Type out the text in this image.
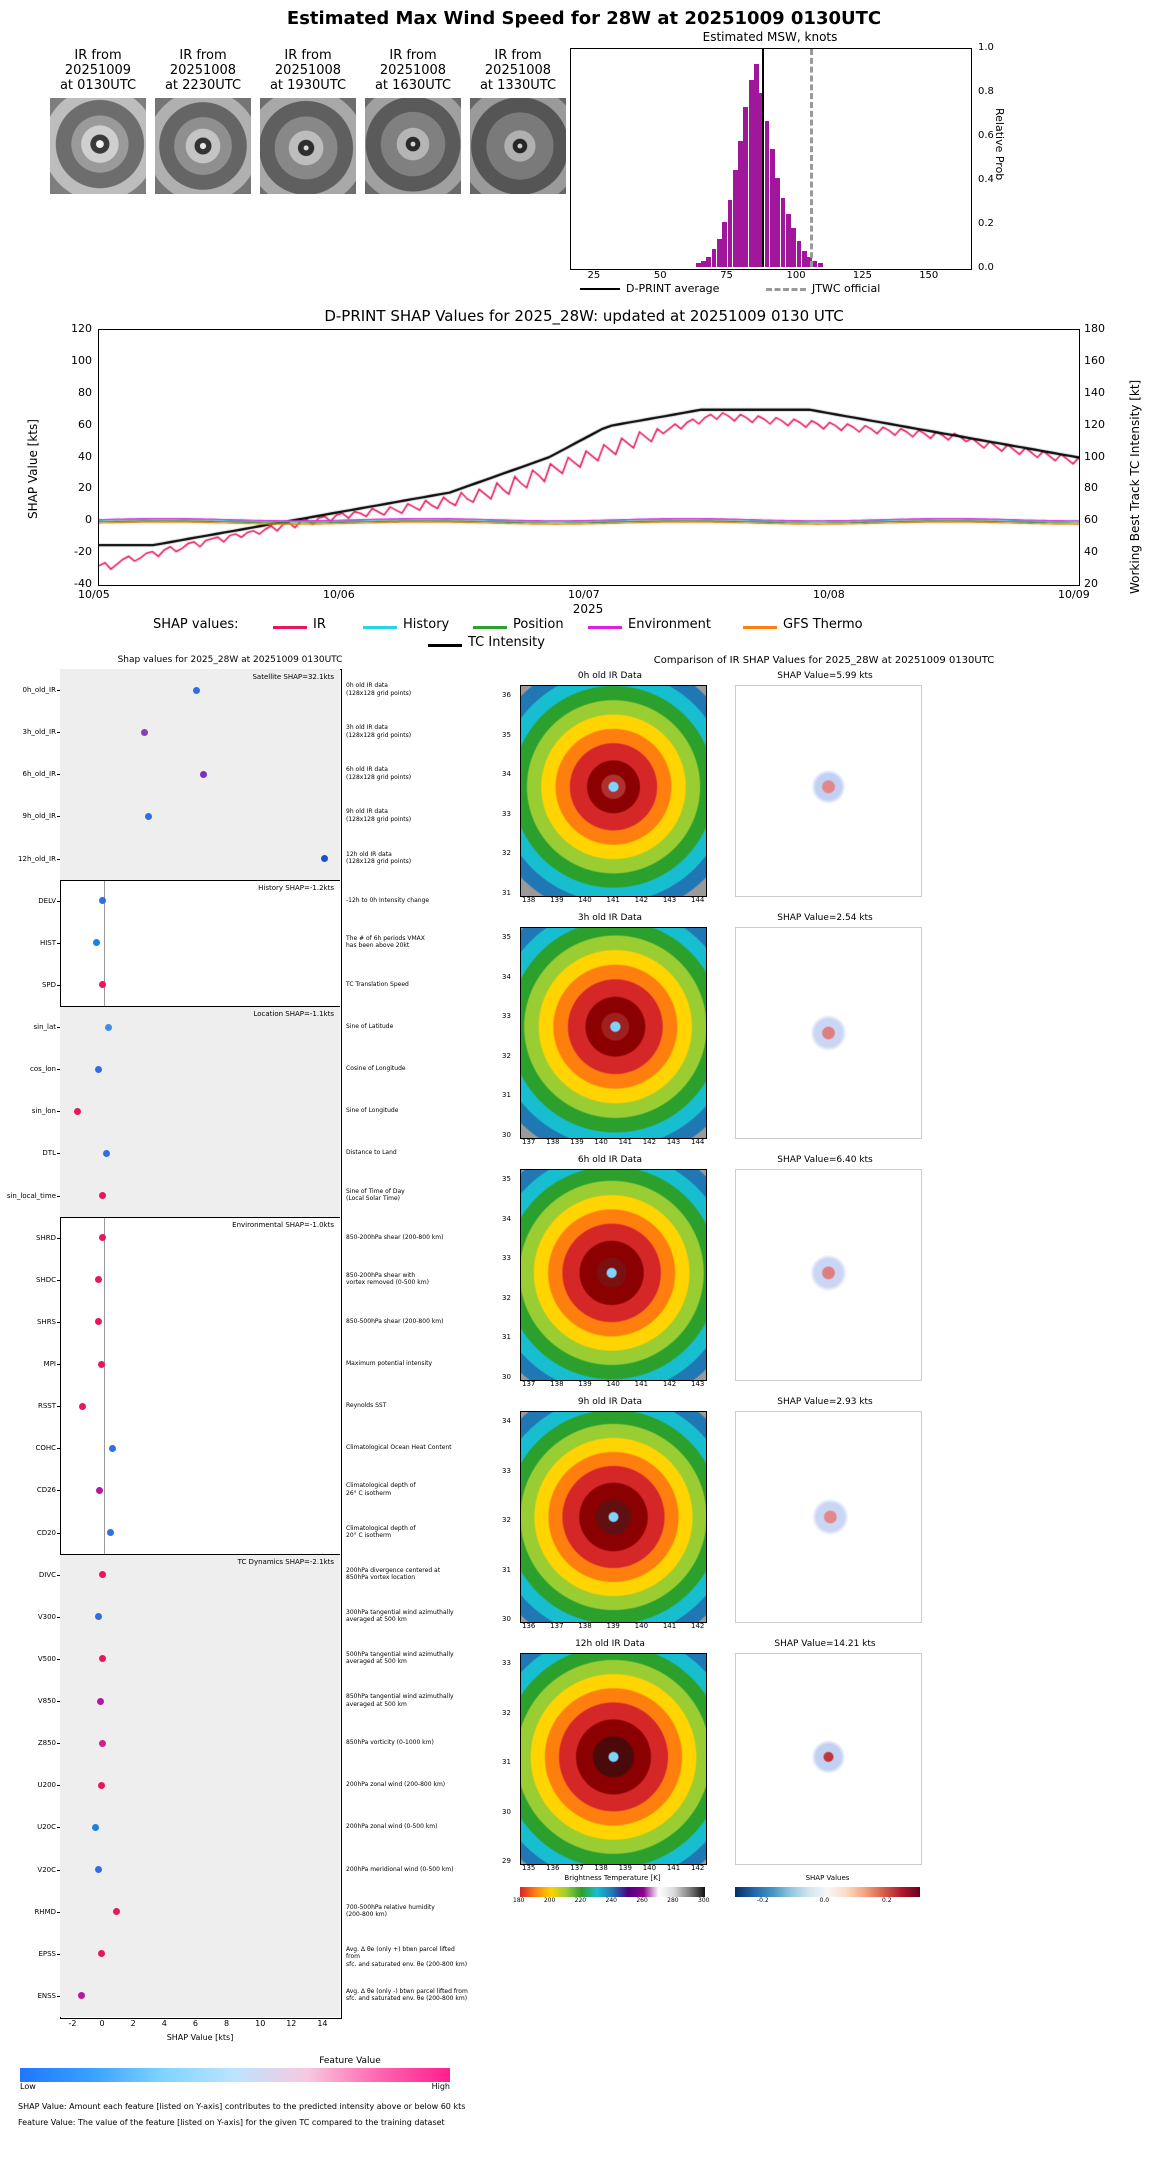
Estimated Max Wind Speed for 28W at 20251009 0130UTC
IR from
20251009
at 0130UTC
IR from
20251008
at 2230UTC
IR from
20251008
at 1930UTC
IR from
20251008
at 1630UTC
IR from
20251008
at 1330UTC
Estimated MSW, knots
25	50	75	100	125	150
0.0
0.2
0.4
0.6
0.8
1.0
Relative Prob
D-PRINT average	JTWC official
D-PRINT SHAP Values for 2025_28W: updated at 20251009 0130 UTC
-40
-20
0
20
40
60
80
100
120
20
40
60
80
100
120
140
160
180
10/05	10/06	10/07	10/08	10/09
SHAP Value [kts]	Working Best Track TC Intensity [kt]
2025
SHAP values:	IR	History	Position	Environment	GFS Thermo
TC Intensity
Shap values for 2025_28W at 20251009 0130UTC
Satellite SHAP=32.1kts
0h_old_IR
0h old IR data
(128x128 grid points)
3h_old_IR
3h old IR data
(128x128 grid points)
6h_old_IR
6h old IR data
(128x128 grid points)
9h_old_IR
9h old IR data
(128x128 grid points)
12h_old_IR
12h old IR data
(128x128 grid points)
History SHAP=-1.2kts
DELV	-12h to 0h Intensity change
HIST
The # of 6h periods VMAX
has been above 20kt
SPD	TC Translation Speed
Location SHAP=-1.1kts
sin_lat	Sine of Latitude
cos_lon	Cosine of Longitude
sin_lon	Sine of Longitude
DTL	Distance to Land
sin_local_time
Sine of Time of Day
(Local Solar Time)
Environmental SHAP=-1.0kts
SHRD	850-200hPa shear (200-800 km)
SHDC
850-200hPa shear with
vortex removed (0-500 km)
SHRS	850-500hPa shear (200-800 km)
MPI	Maximum potential intensity
RSST	Reynolds SST
COHC	Climatological Ocean Heat Content
CD26
Climatological depth of
26° C isotherm
CD20
Climatological depth of
20° C isotherm
TC Dynamics SHAP=-2.1kts
DIVC
200hPa divergence centered at
850hPa vortex location
V300
300hPa tangential wind azimuthally
averaged at 500 km
V500
500hPa tangential wind azimuthally
averaged at 500 km
V850
850hPa tangential wind azimuthally
averaged at 500 km
Z850	850hPa vorticity (0-1000 km)
U200	200hPa zonal wind (200-800 km)
U20C	200hPa zonal wind (0-500 km)
V20C	200hPa meridional wind (0-500 km)
RHMD
700-500hPa relative humidity
(200-800 km)
EPSS
Avg. Δ θe (only +) btwn parcel lifted from
sfc. and saturated env. θe (200-800 km)
ENSS
Avg. Δ θe (only -) btwn parcel lifted from
sfc. and saturated env. θe (200-800 km)
-2	0	2	4	6	8	10	12	14
SHAP Value [kts]
Feature Value
Low	High
SHAP Value: Amount each feature [listed on Y-axis] contributes to the predicted intensity above or below 60 kts
Feature Value: The value of the feature [listed on Y-axis] for the given TC compared to the training dataset
Comparison of IR SHAP Values for 2025_28W at 20251009 0130UTC
0h old IR Data	SHAP Value=5.99 kts
138 139 140 141 142 143 144
3h old IR Data	SHAP Value=2.54 kts
137 138 139 140 141 142 143 144
6h old IR Data	SHAP Value=6.40 kts
137 138 139 140 141 142 143
9h old IR Data	SHAP Value=2.93 kts
136 137 138 139 140 141 142
12h old IR Data	SHAP Value=14.21 kts
135 136 137 138 139 140 141 142
Brightness Temperature [K]
180	200	220	240	260	280	300
SHAP Values
-0.2	0.0	0.2
36
35
34
33
32
31
35
34
33
32
31
30
35
34
33
32
31
30
34
33
32
31
30
33
32
31
30
29
